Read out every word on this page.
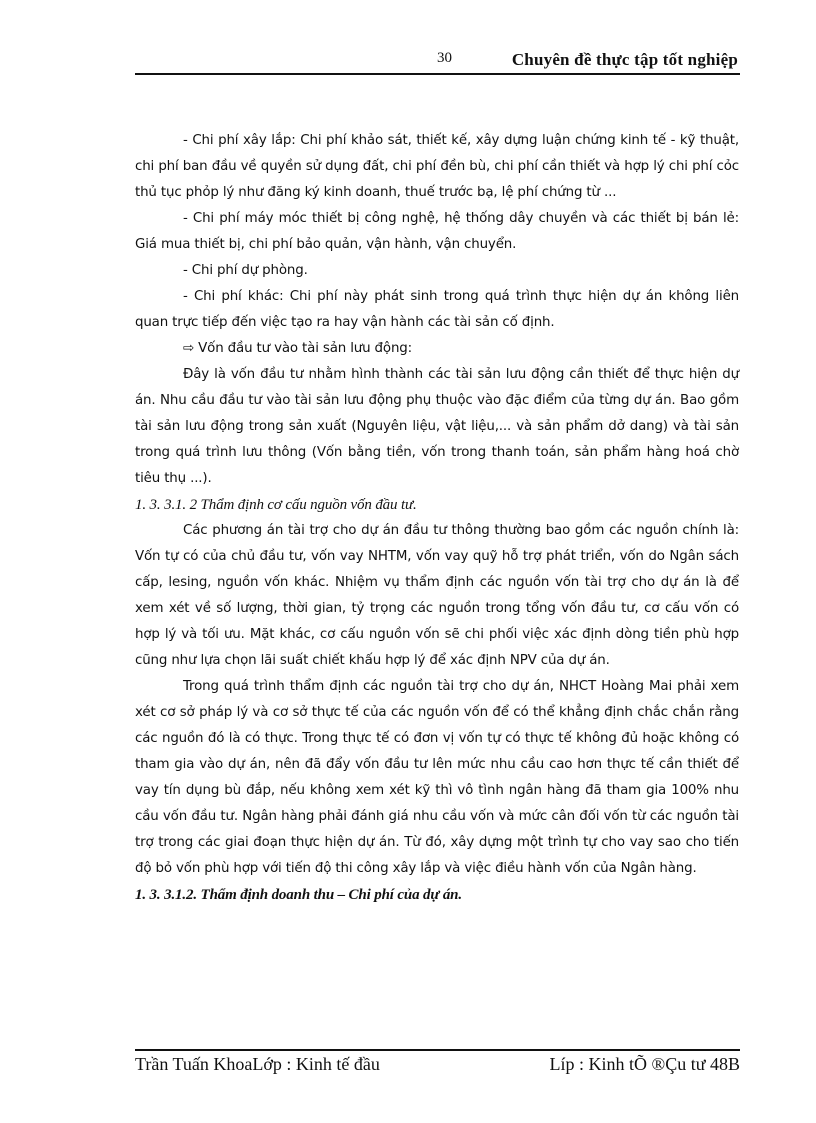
30	Chuyên đề thực tập tốt nghiệp

- Chi phí xây lắp: Chi phí khảo sát, thiết kế, xây dựng luận chứng kinh tế - kỹ thuật, chi phí ban đầu về quyền sử dụng đất, chi phí đền bù, chi phí cần thiết và hợp lý chi phí cỏc thủ tục phỏp lý như đăng ký kinh doanh, thuế trước bạ, lệ phí chứng từ ...

- Chi phí máy móc thiết bị công nghệ, hệ thống dây chuyền và các thiết bị bán lẻ: Giá mua thiết bị, chi phí bảo quản, vận hành, vận chuyển.

- Chi phí dự phòng.

- Chi phí khác: Chi phí này phát sinh trong quá trình thực hiện dự án không liên quan trực tiếp đến việc tạo ra hay vận hành các tài sản cố định.

⇨ Vốn đầu tư vào tài sản lưu động:

Đây là vốn đầu tư nhằm hình thành các tài sản lưu động cần thiết để thực hiện dự án. Nhu cầu đầu tư vào tài sản lưu động phụ thuộc vào đặc điểm của từng dự án. Bao gồm tài sản lưu động trong sản xuất (Nguyên liệu, vật liệu,... và sản phẩm dở dang) và tài sản trong quá trình lưu thông (Vốn bằng tiền, vốn trong thanh toán, sản phẩm hàng hoá chờ tiêu thụ ...).

1. 3. 3.1. 2 Thẩm định cơ cấu nguồn vốn đầu tư.

Các phương án tài trợ cho dự án đầu tư thông thường bao gồm các nguồn chính là: Vốn tự có của chủ đầu tư, vốn vay NHTM, vốn vay quỹ hỗ trợ phát triển, vốn do Ngân sách cấp, lesing, nguồn vốn khác. Nhiệm vụ thẩm định các nguồn vốn tài trợ cho dự án là để xem xét về số lượng, thời gian, tỷ trọng các nguồn trong tổng vốn đầu tư, cơ cấu vốn có hợp lý và tối ưu. Mặt khác, cơ cấu nguồn vốn sẽ chi phối việc xác định dòng tiền phù hợp cũng như lựa chọn lãi suất chiết khấu hợp lý để xác định NPV của dự án.

Trong quá trình thẩm định các nguồn tài trợ cho dự án, NHCT Hoàng Mai phải xem xét cơ sở pháp lý và cơ sở thực tế của các nguồn vốn để có thể khẳng định chắc chắn rằng các nguồn đó là có thực. Trong thực tế có đơn vị vốn tự có thực tế không đủ hoặc không có tham gia vào dự án, nên đã đẩy vốn đầu tư lên mức nhu cầu cao hơn thực tế cần thiết để vay tín dụng bù đắp, nếu không xem xét kỹ thì vô tình ngân hàng đã tham gia 100% nhu cầu vốn đầu tư. Ngân hàng phải đánh giá nhu cầu vốn và mức cân đối vốn từ các nguồn tài trợ trong các giai đoạn thực hiện dự án. Từ đó, xây dựng một trình tự cho vay sao cho tiến độ bỏ vốn phù hợp với tiến độ thi công xây lắp và việc điều hành vốn của Ngân hàng.

1. 3. 3.1.2. Thẩm định doanh thu – Chi phí của dự án.

Trần Tuấn KhoaLớp : Kinh tế đầu	Líp : Kinh tÕ ®Çu tư 48B
